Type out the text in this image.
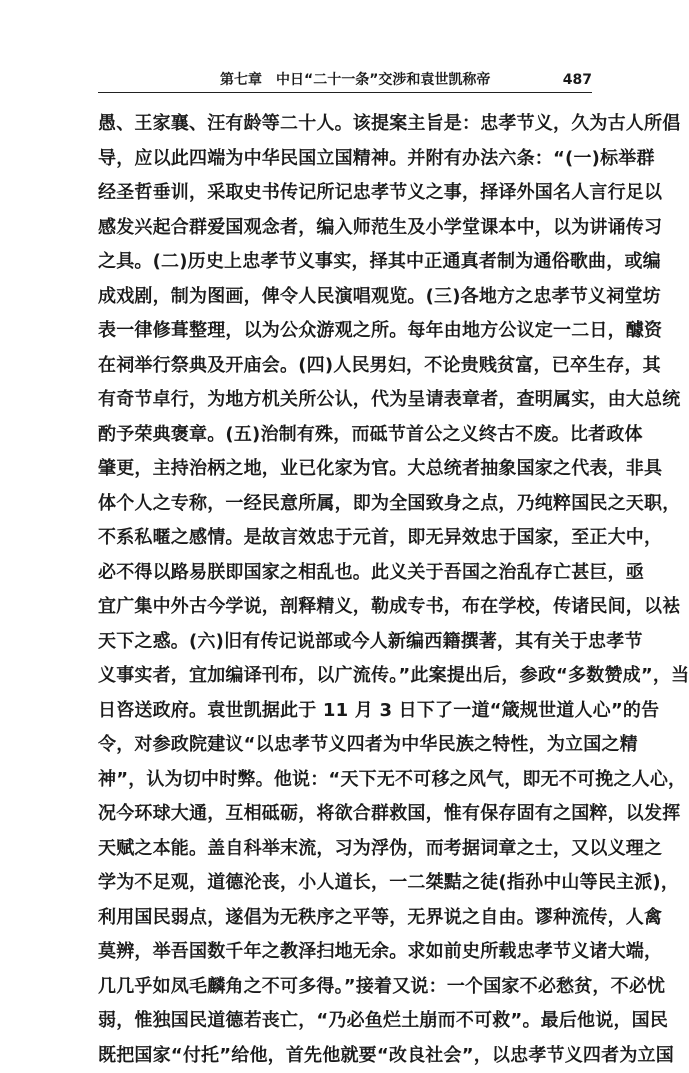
第七章　中日“二十一条”交涉和袁世凯称帝	487
愚、王家襄、汪有龄等二十人。该提案主旨是：忠孝节义，久为古人所倡
导，应以此四端为中华民国立国精神。并附有办法六条：“(一)标举群
经圣哲垂训，采取史书传记所记忠孝节义之事，择译外国名人言行足以
感发兴起合群爱国观念者，编入师范生及小学堂课本中，以为讲诵传习
之具。(二)历史上忠孝节义事实，择其中正通真者制为通俗歌曲，或编
成戏剧，制为图画，俾令人民演唱观览。(三)各地方之忠孝节义祠堂坊
表一律修葺整理，以为公众游观之所。每年由地方公议定一二日，醵资
在祠举行祭典及开庙会。(四)人民男妇，不论贵贱贫富，已卒生存，其
有奇节卓行，为地方机关所公认，代为呈请表章者，查明属实，由大总统
酌予荣典褒章。(五)治制有殊，而砥节首公之义终古不废。比者政体
肇更，主持治柄之地，业已化家为官。大总统者抽象国家之代表，非具
体个人之专称，一经民意所属，即为全国致身之点，乃纯粹国民之天职，
不系私暱之感情。是故言效忠于元首，即无异效忠于国家，至正大中，
必不得以路易朕即国家之相乱也。此义关于吾国之治乱存亡甚巨，亟
宜广集中外古今学说，剖释精义，勒成专书，布在学校，传诸民间，以袪
天下之惑。(六)旧有传记说部或今人新编西籍撰著，其有关于忠孝节
义事实者，宜加编译刊布，以广流传。”此案提出后，参政“多数赞成”，当
日咨送政府。袁世凯据此于 11 月 3 日下了一道“箴规世道人心”的告
令，对参政院建议“以忠孝节义四者为中华民族之特性，为立国之精
神”，认为切中时弊。他说：“天下无不可移之风气，即无不可挽之人心，
况今环球大通，互相砥砺，将欲合群救国，惟有保存固有之国粹，以发挥
天赋之本能。盖自科举末流，习为浮伪，而考据词章之士，又以义理之
学为不足观，道德沦丧，小人道长，一二桀黠之徒(指孙中山等民主派)，
利用国民弱点，遂倡为无秩序之平等，无界说之自由。谬种流传，人禽
莫辨，举吾国数千年之教泽扫地无余。求如前史所载忠孝节义诸大端，
几几乎如凤毛麟角之不可多得。”接着又说：一个国家不必愁贫，不必忧
弱，惟独国民道德若丧亡，“乃必鱼烂土崩而不可救”。最后他说，国民
既把国家“付托”给他，首先他就要“改良社会”，以忠孝节义四者为立国
